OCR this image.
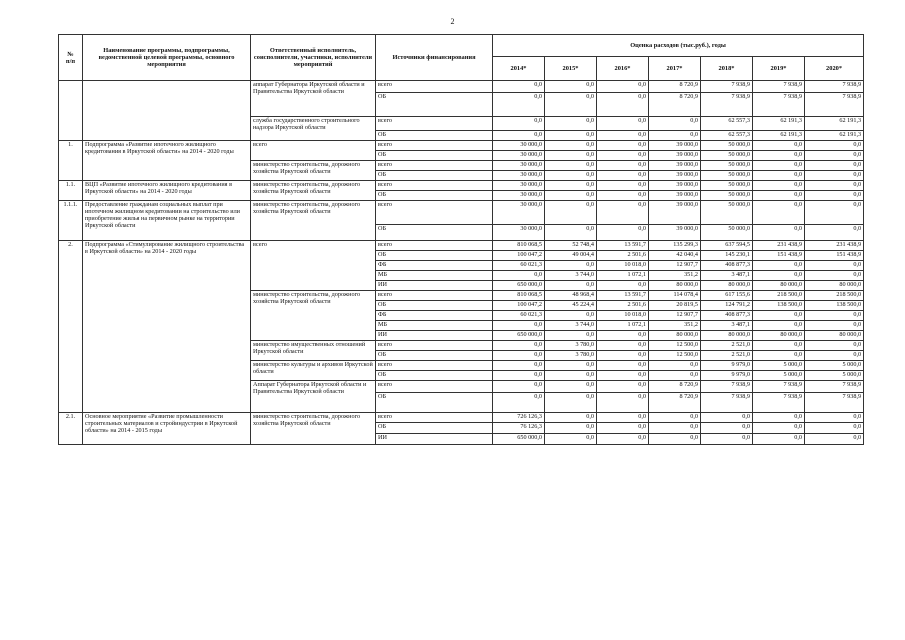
2
№
п/п	Наименование программы, подпрограммы, ведомственной целевой программы, основного мероприятия	Ответственный исполнитель, соисполнители, участники, исполнители мероприятий	Источники финансирования	Оценка расходов (тыс.руб.), годы						
				2014*	2015*	2016*	2017*	2018*	2019*	2020*
		аппарат Губернатора Иркутской области и Правительства Иркутской области	всего	0,0	0,0	0,0	8 720,9	7 938,9	7 938,9	7 938,9
			ОБ	0,0	0,0	0,0	8 720,9	7 938,9	7 938,9	7 938,9
		служба государственного строительного надзора Иркутской области	всего	0,0	0,0	0,0	0,0	62 557,3	62 191,3	62 191,3
			ОБ	0,0	0,0	0,0	0,0	62 557,3	62 191,3	62 191,3
1.	Подпрограмма «Развитие ипотечного жилищного кредитования в Иркутской области» на 2014 - 2020 годы	всего	всего	30 000,0	0,0	0,0	39 000,0	50 000,0	0,0	0,0
			ОБ	30 000,0	0,0	0,0	39 000,0	50 000,0	0,0	0,0
		министерство строительства, дорожного хозяйства Иркутской области	всего	30 000,0	0,0	0,0	39 000,0	50 000,0	0,0	0,0
			ОБ	30 000,0	0,0	0,0	39 000,0	50 000,0	0,0	0,0
1.1.	ВЦП «Развитие ипотечного жилищного кредитования в Иркутской области» на 2014 - 2020 годы	министерство строительства, дорожного хозяйства Иркутской области	всего	30 000,0	0,0	0,0	39 000,0	50 000,0	0,0	0,0
			ОБ	30 000,0	0,0	0,0	39 000,0	50 000,0	0,0	0,0
1.1.1.	Предоставление гражданам социальных выплат при ипотечном жилищном кредитовании на строительство или приобретение жилья на первичном рынке на территории Иркутской области	министерство строительства, дорожного хозяйства Иркутской области	всего	30 000,0	0,0	0,0	39 000,0	50 000,0	0,0	0,0
			ОБ	30 000,0	0,0	0,0	39 000,0	50 000,0	0,0	0,0
2.	Подпрограмма «Стимулирование жилищного строительства в Иркутской области» на 2014 - 2020 годы	всего	всего	810 068,5	52 748,4	13 591,7	135 299,3	637 594,5	231 438,9	231 438,9
			ОБ	100 047,2	49 004,4	2 501,6	42 040,4	145 230,1	151 438,9	151 438,9
			ФБ	60 021,3	0,0	10 018,0	12 907,7	408 877,3	0,0	0,0
			МБ	0,0	3 744,0	1 072,1	351,2	3 487,1	0,0	0,0
			ИИ	650 000,0	0,0	0,0	80 000,0	80 000,0	80 000,0	80 000,0
		министерство строительства, дорожного хозяйства Иркутской области	всего	810 068,5	48 968,4	13 591,7	114 078,4	617 155,6	218 500,0	218 500,0
			ОБ	100 047,2	45 224,4	2 501,6	20 819,5	124 791,2	138 500,0	138 500,0
			ФБ	60 021,3	0,0	10 018,0	12 907,7	408 877,3	0,0	0,0
			МБ	0,0	3 744,0	1 072,1	351,2	3 487,1	0,0	0,0
			ИИ	650 000,0	0,0	0,0	80 000,0	80 000,0	80 000,0	80 000,0
		министерство имущественных отношений Иркутской области	всего	0,0	3 780,0	0,0	12 500,0	2 521,0	0,0	0,0
			ОБ	0,0	3 780,0	0,0	12 500,0	2 521,0	0,0	0,0
		министерство культуры и архивов Иркутской области	всего	0,0	0,0	0,0	0,0	9 979,0	5 000,0	5 000,0
			ОБ	0,0	0,0	0,0	0,0	9 979,0	5 000,0	5 000,0
		Аппарат Губернатора Иркутской области и Правительства Иркутской области	всего	0,0	0,0	0,0	8 720,9	7 938,9	7 938,9	7 938,9
			ОБ	0,0	0,0	0,0	8 720,9	7 938,9	7 938,9	7 938,9
2.1.	Основное мероприятие «Развитие промышленности строительных материалов и стройиндустрии в Иркутской области» на 2014 - 2015 годы	министерство строительства, дорожного хозяйства Иркутской области	всего	726 126,3	0,0	0,0	0,0	0,0	0,0	0,0
			ОБ	76 126,3	0,0	0,0	0,0	0,0	0,0	0,0
			ИИ	650 000,0	0,0	0,0	0,0	0,0	0,0	0,0
